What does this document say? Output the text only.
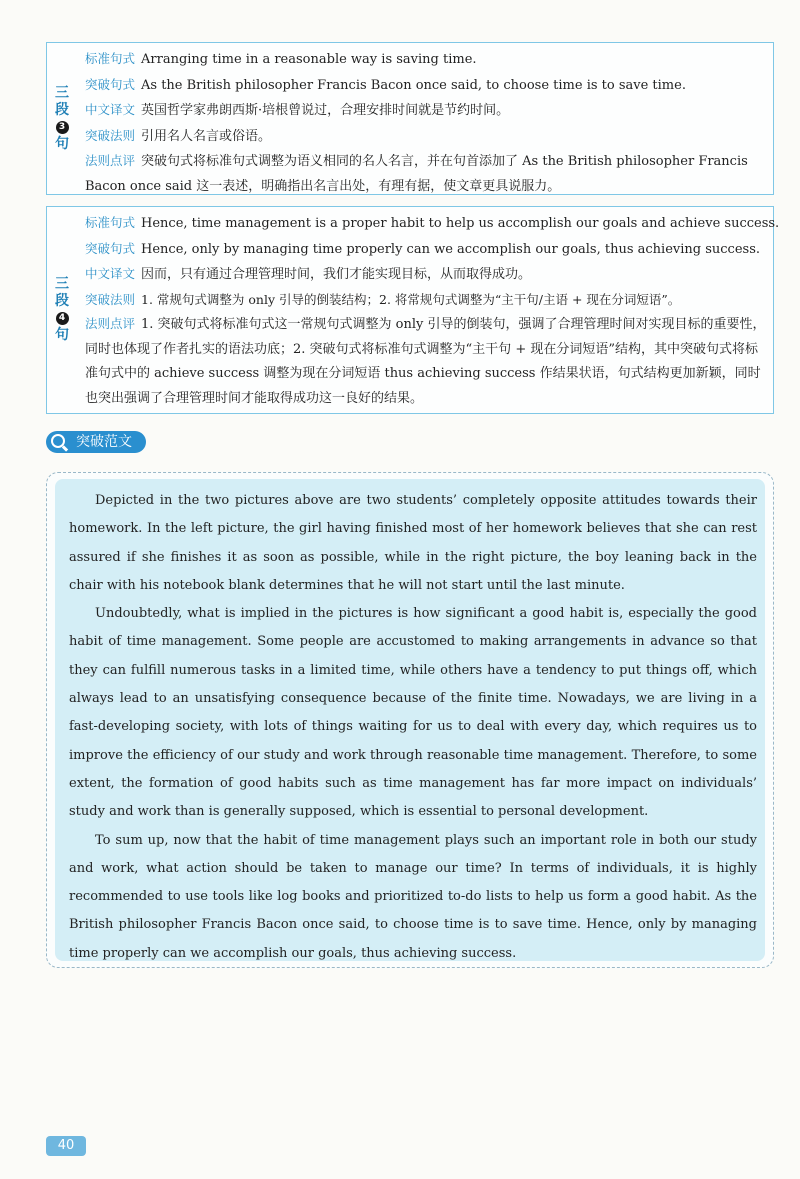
三
段
3
句
标准句式 Arranging time in a reasonable way is saving time.
突破句式 As the British philosopher Francis Bacon once said, to choose time is to save time.
中文译文 英国哲学家弗朗西斯·培根曾说过，合理安排时间就是节约时间。
突破法则 引用名人名言或俗语。
法则点评 突破句式将标准句式调整为语义相同的名人名言，并在句首添加了 As the British philosopher Francis Bacon once said 这一表述，明确指出名言出处，有理有据，使文章更具说服力。
三
段
4
句
标准句式 Hence, time management is a proper habit to help us accomplish our goals and achieve success.
突破句式 Hence, only by managing time properly can we accomplish our goals, thus achieving success.
中文译文 因而，只有通过合理管理时间，我们才能实现目标，从而取得成功。
突破法则 1. 常规句式调整为 only 引导的倒装结构；2. 将常规句式调整为“主干句/主语 + 现在分词短语”。
法则点评 1. 突破句式将标准句式这一常规句式调整为 only 引导的倒装句，强调了合理管理时间对实现目标的重要性，同时也体现了作者扎实的语法功底；2. 突破句式将标准句式调整为“主干句 + 现在分词短语”结构，其中突破句式将标准句式中的 achieve success 调整为现在分词短语 thus achieving success 作结果状语，句式结构更加新颖，同时也突出强调了合理管理时间才能取得成功这一良好的结果。
突破范文

Depicted in the two pictures above are two students’ completely opposite attitudes towards their homework. In the left picture, the girl having finished most of her homework believes that she can rest assured if she finishes it as soon as possible, while in the right picture, the boy leaning back in the chair with his notebook blank determines that he will not start until the last minute.

Undoubtedly, what is implied in the pictures is how significant a good habit is, especially the good habit of time management. Some people are accustomed to making arrangements in advance so that they can fulfill numerous tasks in a limited time, while others have a tendency to put things off, which always lead to an unsatisfying consequence because of the finite time. Nowadays, we are living in a fast-developing society, with lots of things waiting for us to deal with every day, which requires us to improve the efficiency of our study and work through reasonable time management. Therefore, to some extent, the formation of good habits such as time management has far more impact on individuals’ study and work than is generally supposed, which is essential to personal development.

To sum up, now that the habit of time management plays such an important role in both our study and work, what action should be taken to manage our time? In terms of individuals, it is highly recommended to use tools like log books and prioritized to-do lists to help us form a good habit. As the British philosopher Francis Bacon once said, to choose time is to save time. Hence, only by managing time properly can we accomplish our goals, thus achieving success.

40
